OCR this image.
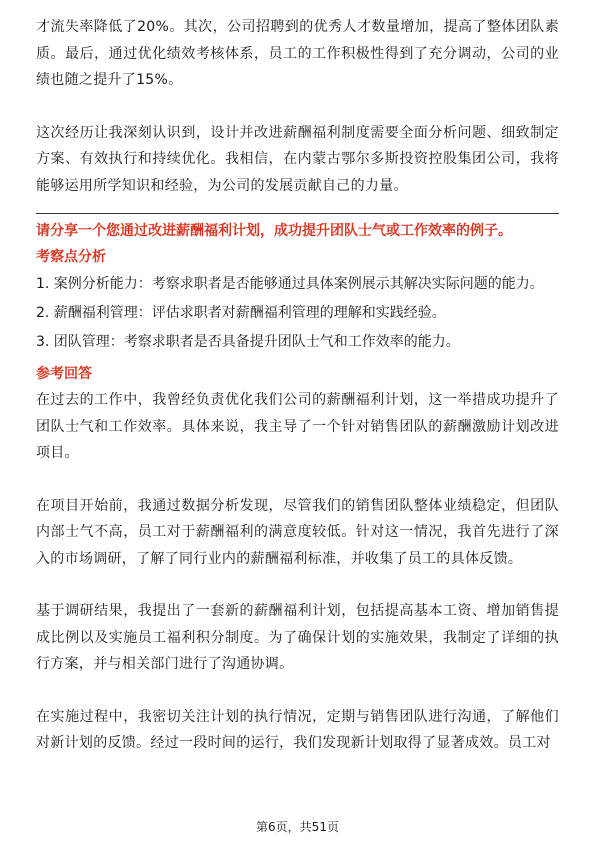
才流失率降低了20%。其次，公司招聘到的优秀人才数量增加，提高了整体团队素质。最后，通过优化绩效考核体系，员工的工作积极性得到了充分调动，公司的业绩也随之提升了15%。

这次经历让我深刻认识到，设计并改进薪酬福利制度需要全面分析问题、细致制定方案、有效执行和持续优化。我相信，在内蒙古鄂尔多斯投资控股集团公司，我将能够运用所学知识和经验，为公司的发展贡献自己的力量。

请分享一个您通过改进薪酬福利计划，成功提升团队士气或工作效率的例子。

考察点分析

1. 案例分析能力：考察求职者是否能够通过具体案例展示其解决实际问题的能力。

2. 薪酬福利管理：评估求职者对薪酬福利管理的理解和实践经验。

3. 团队管理：考察求职者是否具备提升团队士气和工作效率的能力。

参考回答

在过去的工作中，我曾经负责优化我们公司的薪酬福利计划，这一举措成功提升了团队士气和工作效率。具体来说，我主导了一个针对销售团队的薪酬激励计划改进项目。

在项目开始前，我通过数据分析发现，尽管我们的销售团队整体业绩稳定，但团队内部士气不高，员工对于薪酬福利的满意度较低。针对这一情况，我首先进行了深入的市场调研，了解了同行业内的薪酬福利标准，并收集了员工的具体反馈。

基于调研结果，我提出了一套新的薪酬福利计划，包括提高基本工资、增加销售提成比例以及实施员工福利积分制度。为了确保计划的实施效果，我制定了详细的执行方案，并与相关部门进行了沟通协调。

在实施过程中，我密切关注计划的执行情况，定期与销售团队进行沟通，了解他们对新计划的反馈。经过一段时间的运行，我们发现新计划取得了显著成效。员工对

第6页，共51页
